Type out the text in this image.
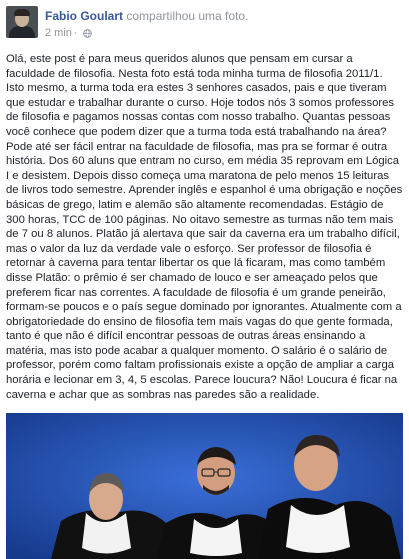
Fabio Goulart compartilhou uma foto.
2 min ·
Olá, este post é para meus queridos alunos que pensam em cursar a
faculdade de filosofia. Nesta foto está toda minha turma de filosofia 2011/1.
Isto mesmo, a turma toda era estes 3 senhores casados, pais e que tiveram
que estudar e trabalhar durante o curso. Hoje todos nós 3 somos professores
de filosofia e pagamos nossas contas com nosso trabalho. Quantas pessoas
você conhece que podem dizer que a turma toda está trabalhando na área?
Pode até ser fácil entrar na faculdade de filosofia, mas pra se formar é outra
história. Dos 60 aluns que entram no curso, em média 35 reprovam em Lógica
I e desistem. Depois disso começa uma maratona de pelo menos 15 leituras
de livros todo semestre. Aprender inglês e espanhol é uma obrigação e noções
básicas de grego, latim e alemão são altamente recomendadas. Estágio de
300 horas, TCC de 100 páginas. No oitavo semestre as turmas não tem mais
de 7 ou 8 alunos. Platão já alertava que sair da caverna era um trabalho difícil,
mas o valor da luz da verdade vale o esforço. Ser professor de filosofia é
retornar à caverna para tentar libertar os que lá ficaram, mas como também
disse Platão: o prêmio é ser chamado de louco e ser ameaçado pelos que
preferem ficar nas correntes. A faculdade de filosofia é um grande peneirão,
formam-se poucos e o país segue dominado por ignorantes. Atualmente com a
obrigatoriedade do ensino de filosofia tem mais vagas do que gente formada,
tanto é que não é difícil encontrar pessoas de outras áreas ensinando a
matéria, mas isto pode acabar a qualquer momento. O salário é o salário de
professor, porém como faltam profissionais existe a opção de ampliar a carga
horária e lecionar em 3, 4, 5 escolas. Parece loucura? Não! Loucura é ficar na
caverna e achar que as sombras nas paredes são a realidade.
